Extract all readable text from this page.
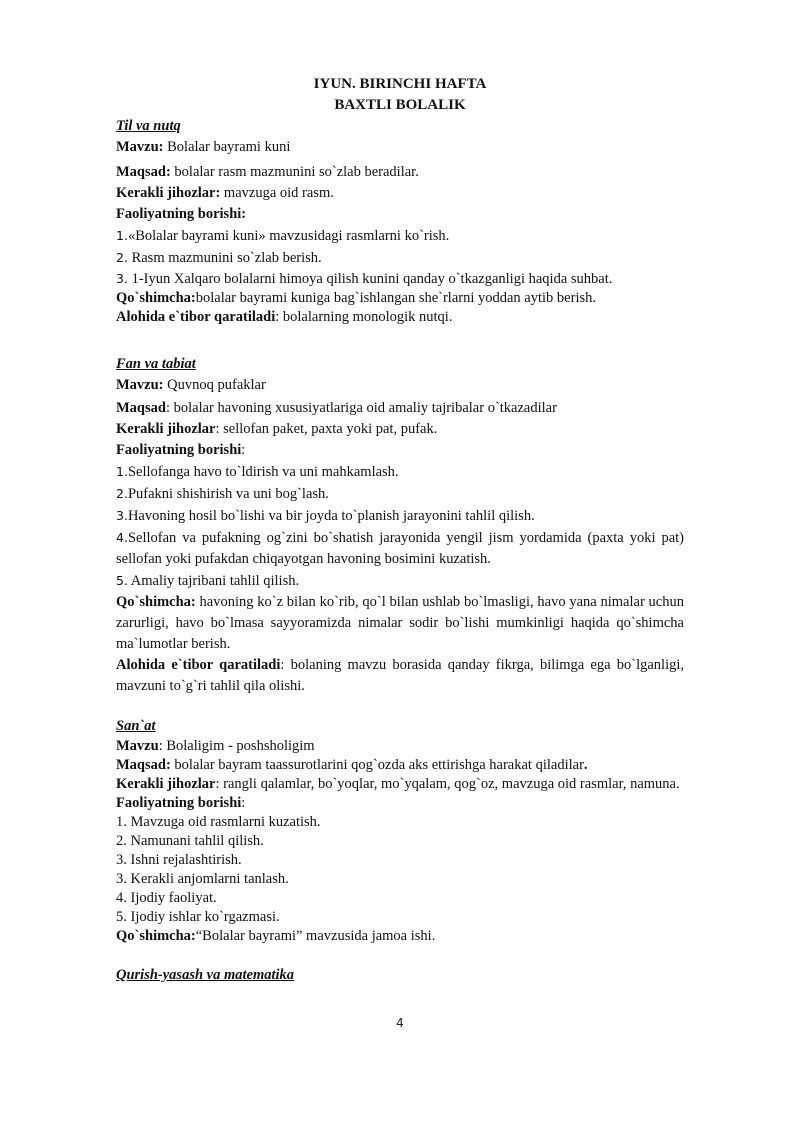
IYUN. BIRINCHI HAFTA
BAXTLI BOLALIK
Til va nutq

Mavzu: Bolalar bayrami kuni

Maqsad: bolalar rasm mazmunini so`zlab beradilar.

Kerakli jihozlar: mavzuga oid rasm.

Faoliyatning borishi:

1.«Bolalar bayrami kuni» mavzusidagi rasmlarni ko`rish.

2. Rasm mazmunini so`zlab berish.

3. 1-Iyun Xalqaro bolalarni himoya qilish kunini qanday o`tkazganligi haqida suhbat.

Qo`shimcha:bolalar bayrami kuniga bag`ishlangan she`rlarni yoddan aytib berish.

Alohida e`tibor qaratiladi: bolalarning monologik nutqi.

Fan va tabiat

Mavzu: Quvnoq pufaklar

Maqsad: bolalar havoning xususiyatlariga oid amaliy tajribalar o`tkazadilar

Kerakli jihozlar: sellofan paket, paxta yoki pat, pufak.

Faoliyatning borishi:

1.Sellofanga havo to`ldirish va uni mahkamlash.

2.Pufakni shishirish va uni bog`lash.

3.Havoning hosil bo`lishi va bir joyda to`planish jarayonini tahlil qilish.

4.Sellofan va pufakning og`zini bo`shatish jarayonida yengil jism yordamida (paxta yoki pat) sellofan yoki pufakdan chiqayotgan havoning bosimini kuzatish.

5. Amaliy tajribani tahlil qilish.

Qo`shimcha: havoning ko`z bilan ko`rib, qo`l bilan ushlab bo`lmasligi, havo yana nimalar uchun zarurligi, havo bo`lmasa sayyoramizda nimalar sodir bo`lishi mumkinligi haqida qo`shimcha ma`lumotlar berish.

Alohida e`tibor qaratiladi: bolaning mavzu borasida qanday fikrga, bilimga ega bo`lganligi, mavzuni to`g`ri tahlil qila olishi.

San`at

Mavzu: Bolaligim - poshsholigim

Maqsad: bolalar bayram taassurotlarini qog`ozda aks ettirishga harakat qiladilar.

Kerakli jihozlar: rangli qalamlar, bo`yoqlar, mo`yqalam, qog`oz, mavzuga oid rasmlar, namuna.

Faoliyatning borishi:

1. Mavzuga oid rasmlarni kuzatish.

2. Namunani tahlil qilish.

3. Ishni rejalashtirish.

3. Kerakli anjomlarni tanlash.

4. Ijodiy faoliyat.

5. Ijodiy ishlar ko`rgazmasi.

Qo`shimcha:“Bolalar bayrami” mavzusida jamoa ishi.

Qurish-yasash va matematika
4
